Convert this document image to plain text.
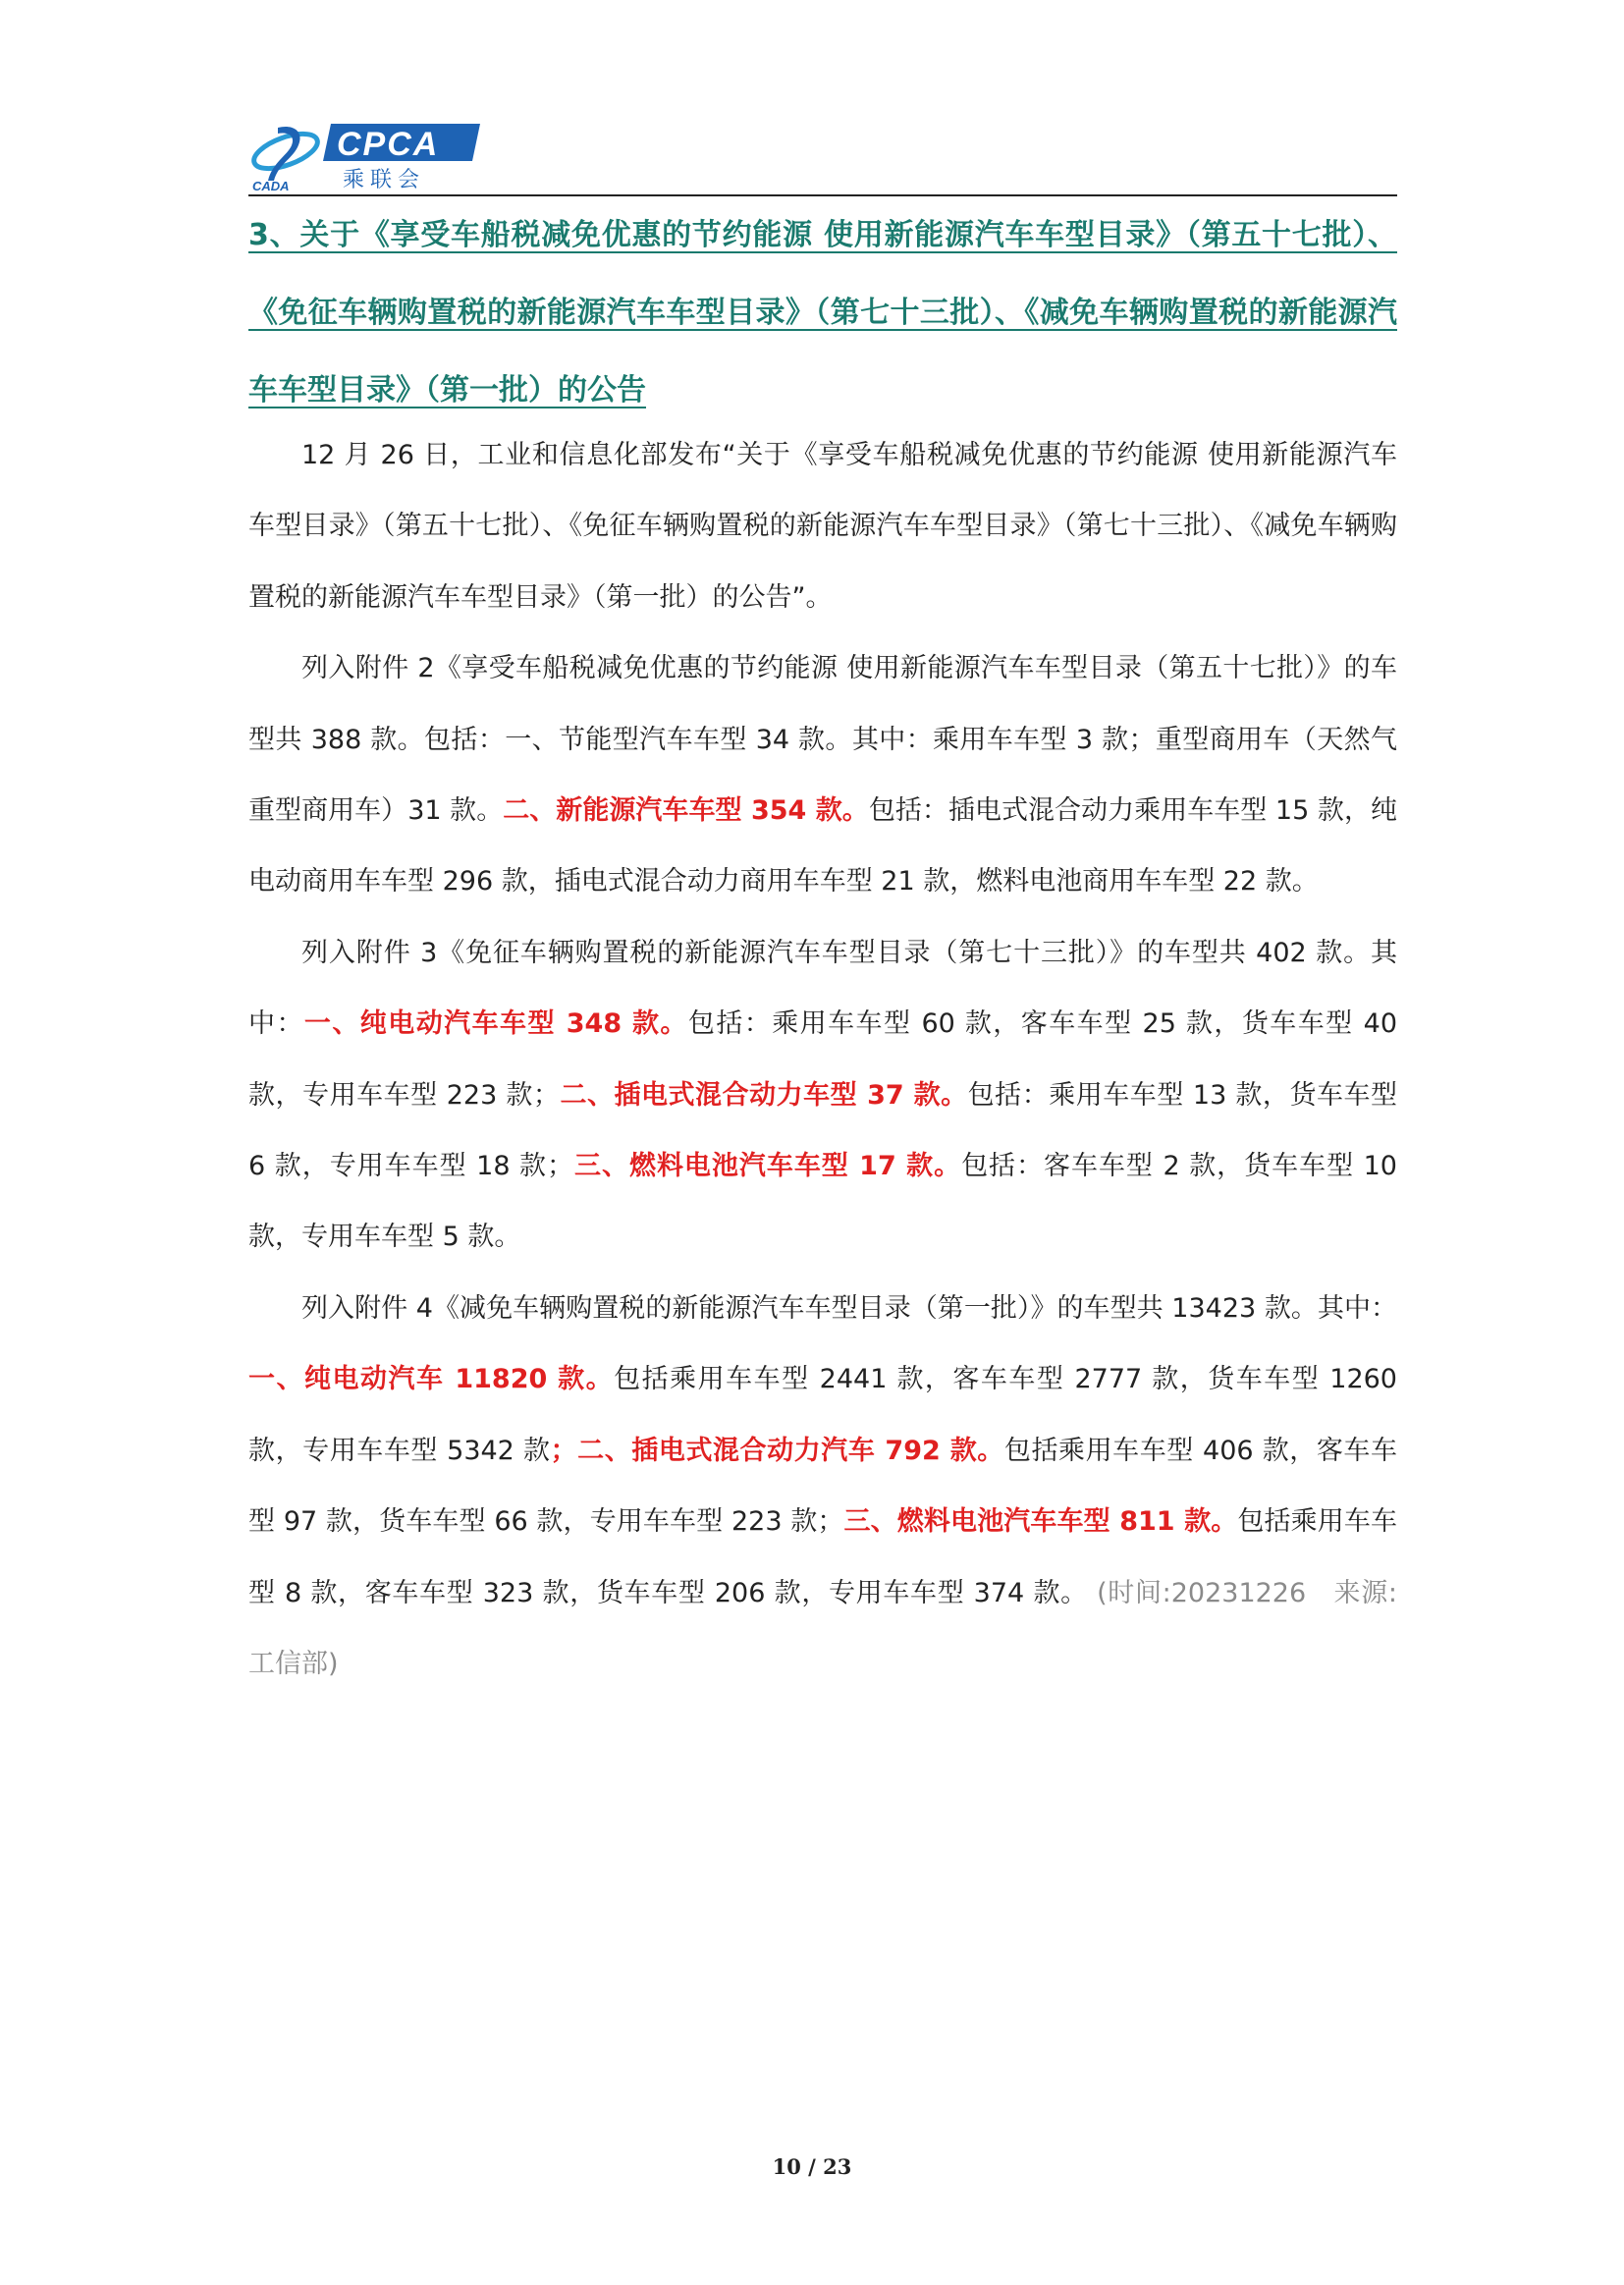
CADA
CPCA
乘联会
3、关于《享受车船税减免优惠的节约能源 使用新能源汽车车型目录》（第五十七批）、《免征车辆购置税的新能源汽车车型目录》（第七十三批）、《减免车辆购置税的新能源汽车车型目录》（第一批）的公告

12 月 26 日，工业和信息化部发布“关于《享受车船税减免优惠的节约能源 使用新能源汽车车型目录》（第五十七批）、《免征车辆购置税的新能源汽车车型目录》（第七十三批）、《减免车辆购置税的新能源汽车车型目录》（第一批）的公告”。

列入附件 2《享受车船税减免优惠的节约能源 使用新能源汽车车型目录（第五十七批）》的车型共 388 款。包括：一、节能型汽车车型 34 款。其中：乘用车车型 3 款；重型商用车（天然气重型商用车）31 款。二、新能源汽车车型 354 款。包括：插电式混合动力乘用车车型 15 款，纯电动商用车车型 296 款，插电式混合动力商用车车型 21 款，燃料电池商用车车型 22 款。

列入附件 3《免征车辆购置税的新能源汽车车型目录（第七十三批）》的车型共 402 款。其中：一、纯电动汽车车型 348 款。包括：乘用车车型 60 款，客车车型 25 款，货车车型 40 款，专用车车型 223 款；二、插电式混合动力车型 37 款。包括：乘用车车型 13 款，货车车型 6 款，专用车车型 18 款；三、燃料电池汽车车型 17 款。包括：客车车型 2 款，货车车型 10 款，专用车车型 5 款。

列入附件 4《减免车辆购置税的新能源汽车车型目录（第一批）》的车型共 13423 款。其中：一、纯电动汽车 11820 款。包括乘用车车型 2441 款，客车车型 2777 款，货车车型 1260 款，专用车车型 5342 款；二、插电式混合动力汽车 792 款。包括乘用车车型 406 款，客车车型 97 款，货车车型 66 款，专用车车型 223 款；三、燃料电池汽车车型 811 款。包括乘用车车型 8 款，客车车型 323 款，货车车型 206 款，专用车车型 374 款。 (时间:20231226　来源:工信部)

10 / 23
